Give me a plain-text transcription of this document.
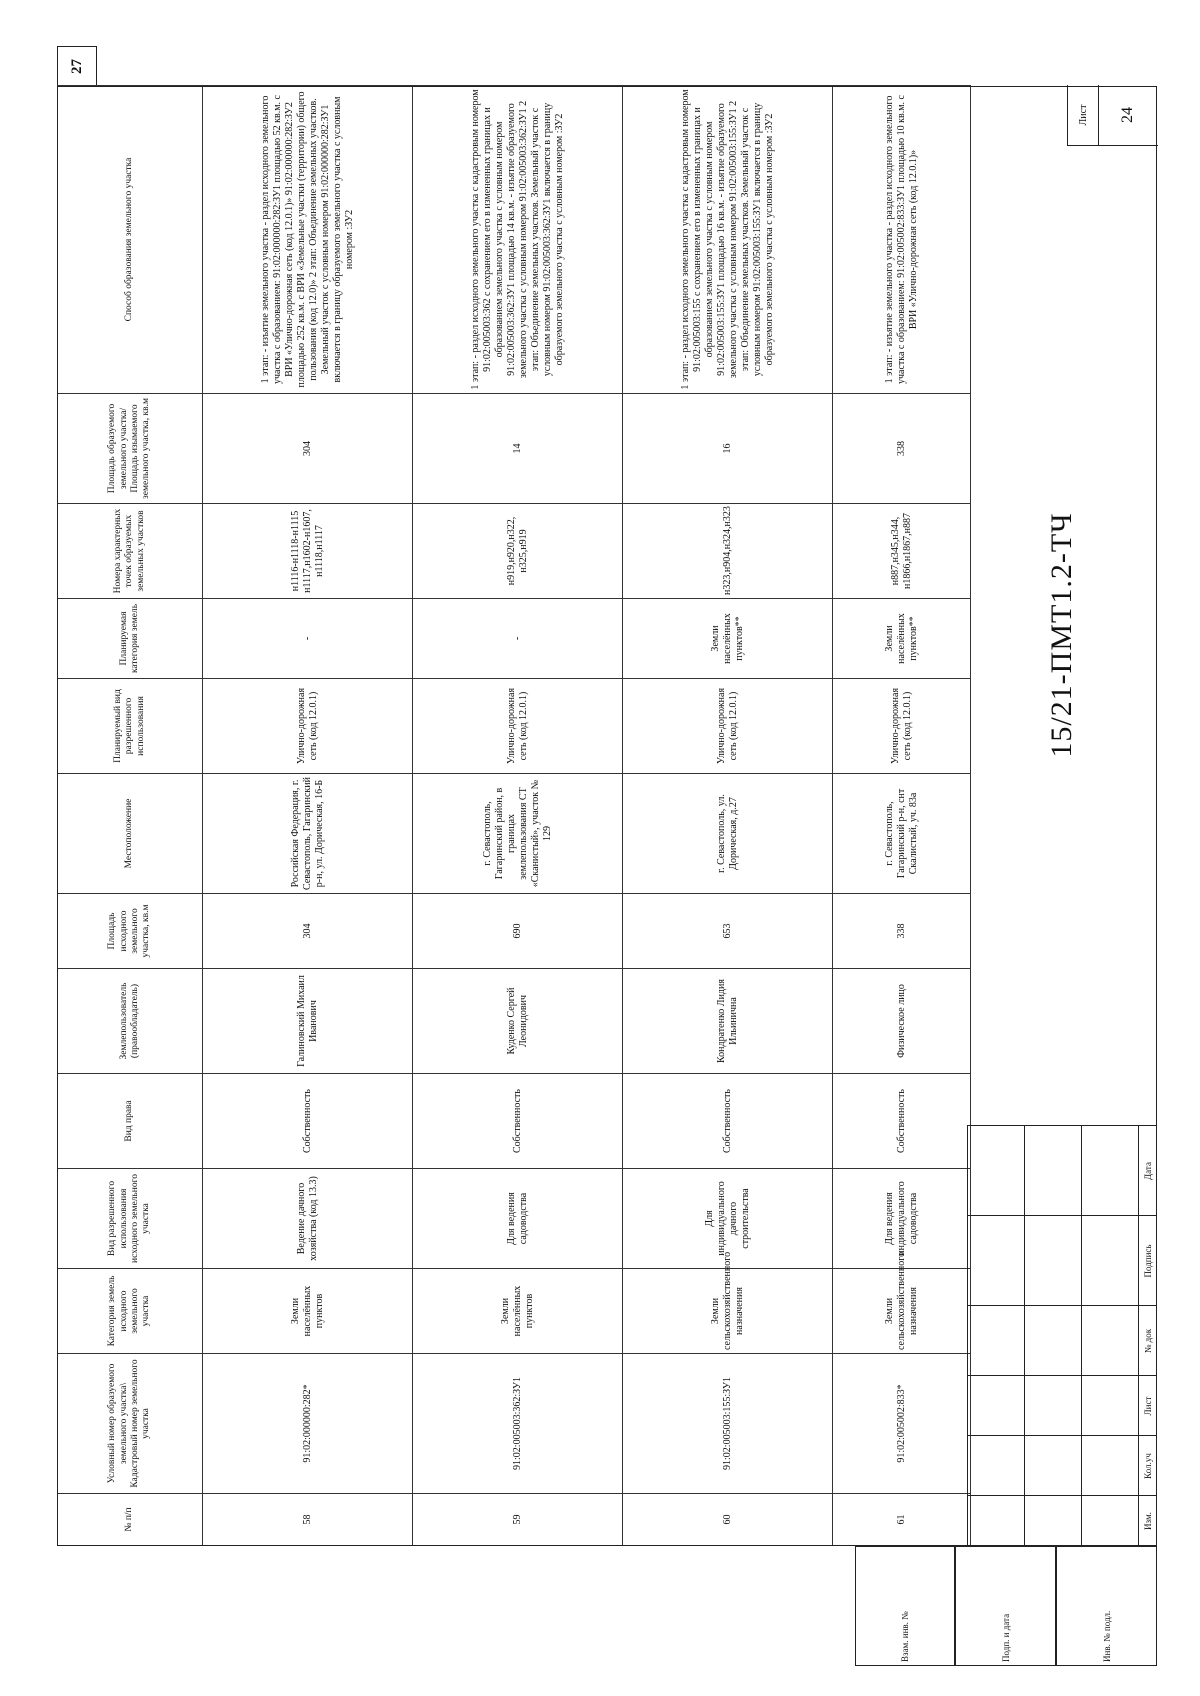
27
№ п/п	Условный номер образуемого земельного участка\ Кадастровый номер земельного участка	Категория земель исходного земельного участка	Вид разрешенного использования исходного земельного участка	Вид права	Землепользователь (правообладатель)	Площадь исходного земельного участка, кв.м	Местоположение	Планируемый вид разрешенного использования	Планируемая категория земель	Номера характерных точек образуемых земельных участков	Площадь образуемого земельного участка/Площадь изымаемого земельного участка, кв.м	Способ образования земельного участка
58	91:02:000000:282*	Земли населённых пунктов	Ведение дачного хозяйства (код 13.3)	Собственность	Галиновский Михаил Иванович	304	Российская Федерация, г. Севастополь, Гагаринский р-н, ул. Дорическая, 16-Б	Улично-дорожная сеть (код 12.0.1)	-	н1116-н1118-н1115 н1117,н1602-н1607, н1118,н1117	304	1 этап: - изъятие земельного участка - раздел исходного земельного участка с образованием: 91:02:000000:282:ЗУ1 площадью 52 кв.м. с ВРИ «Улично-дорожная сеть (код 12.0.1)» 91:02:000000:282:ЗУ2 площадью 252 кв.м. с ВРИ «Земельные участки (территории) общего пользования (код 12.0)» 2 этап: Объединение земельных участков. Земельный участок с условным номером 91:02:000000:282:ЗУ1 включается в границу образуемого земельного участка с условным номером :ЗУ2
59	91:02:005003:362:ЗУ1	Земли населённых пунктов	Для ведения садоводства	Собственность	Куденко Сергей Леонидович	690	г. Севастополь, Гагаринский район, в границах землепользования СТ «Сканистый», участок № 129	Улично-дорожная сеть (код 12.0.1)	-	н919,н920,н322, н325,н919	14	1 этап: - раздел исходного земельного участка с кадастровым номером 91:02:005003:362 с сохранением его в измененных границах и образованием земельного участка с условным номером 91:02:005003:362:ЗУ1 площадью 14 кв.м. - изъятие образуемого земельного участка с условным номером 91:02:005003:362:ЗУ1 2 этап: Объединение земельных участков. Земельный участок с условным номером 91:02:005003:362:ЗУ1 включается в границу образуемого земельного участка с условным номером :ЗУ2
60	91:02:005003:155:ЗУ1	Земли сельскохозяйственного назначения	Для индивидуального дачного строительства	Собственность	Кондратенко Лидия Ильинична	653	г. Севастополь, ул. Дорическая, д.27	Улично-дорожная сеть (код 12.0.1)	Земли населённых пунктов**	н323,н904,н324,н323	16	1 этап: - раздел исходного земельного участка с кадастровым номером 91:02:005003:155 с сохранением его в измененных границах и образованием земельного участка с условным номером 91:02:005003:155:ЗУ1 площадью 16 кв.м. - изъятие образуемого земельного участка с условным номером 91:02:005003:155:ЗУ1 2 этап: Объединение земельных участков. Земельный участок с условным номером 91:02:005003:155:ЗУ1 включается в границу образуемого земельного участка с условным номером :ЗУ2
61	91:02:005002:833*	Земли сельскохозяйственного назначения	Для ведения индивидуального садоводства	Собственность	Физическое лицо	338	г. Севастополь, Гагаринский р-н, снт Скалистый, уч. 83а	Улично-дорожная сеть (код 12.0.1)	Земли населённых пунктов**	н887,н345,н344, н1866,н1867,н887	338	1 этап: - изъятие земельного участка - раздел исходного земельного участка с образованием: 91:02:005002:833:ЗУ1 площадью 10 кв.м. с ВРИ «Улично-дорожная сеть (код 12.0.1)»
Взам. инв. №	Подп. и дата	Инв. № подл.
Изм.
Кол.уч
Лист
№ док
Подпись
Дата
15/21-ПМТ1.2-ТЧ
Лист	24
